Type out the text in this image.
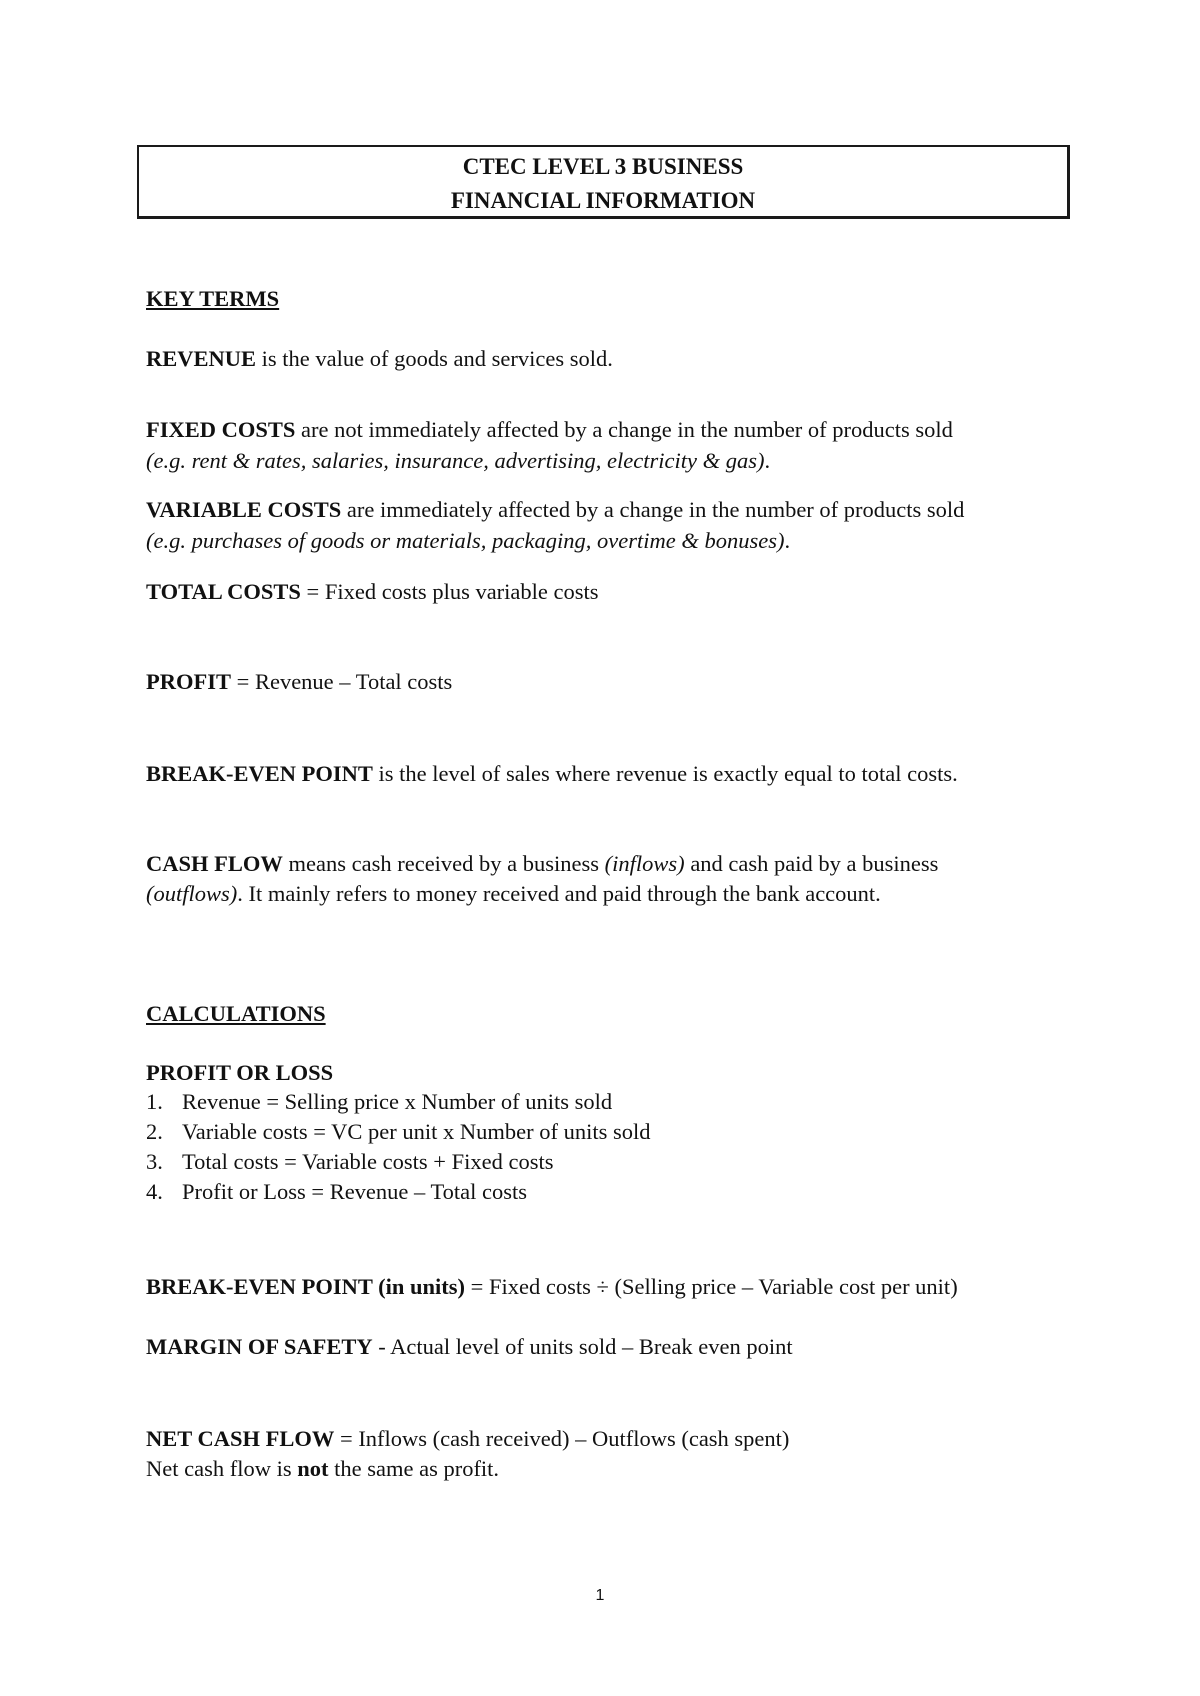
CTEC LEVEL 3 BUSINESS
FINANCIAL INFORMATION
KEY TERMS
REVENUE is the value of goods and services sold.
FIXED COSTS are not immediately affected by a change in the number of products sold
(e.g. rent & rates, salaries, insurance, advertising, electricity & gas).
VARIABLE COSTS are immediately affected by a change in the number of products sold
(e.g. purchases of goods or materials, packaging, overtime & bonuses).
TOTAL COSTS = Fixed costs plus variable costs
PROFIT = Revenue – Total costs
BREAK-EVEN POINT is the level of sales where revenue is exactly equal to total costs.
CASH FLOW means cash received by a business (inflows) and cash paid by a business
(outflows). It mainly refers to money received and paid through the bank account.
CALCULATIONS
PROFIT OR LOSS
1. Revenue = Selling price x Number of units sold
2. Variable costs = VC per unit x Number of units sold
3. Total costs = Variable costs + Fixed costs
4. Profit or Loss = Revenue – Total costs
BREAK-EVEN POINT (in units) = Fixed costs ÷ (Selling price – Variable cost per unit)
MARGIN OF SAFETY - Actual level of units sold – Break even point
NET CASH FLOW = Inflows (cash received) – Outflows (cash spent)
Net cash flow is not the same as profit.
1
